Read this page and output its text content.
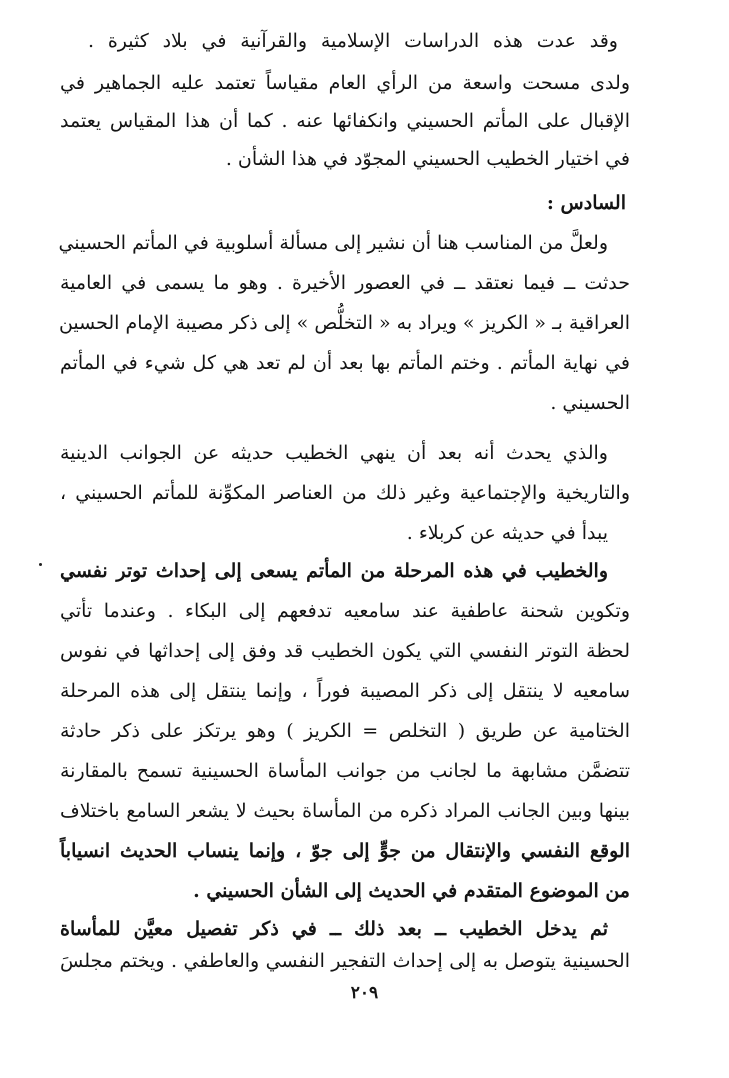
وقد عدت هذه الدراسات الإسلامية والقرآنية في بلاد كثيرة .
ولدى مسحت واسعة من الرأي العام مقياساً تعتمد عليه الجماهير في
الإقبال على المأتم الحسيني وانكفائها عنه . كما أن هذا المقياس يعتمد
في اختيار الخطيب الحسيني المجوّد في هذا الشأن .
السادس :
ولعلَّ من المناسب هنا أن نشير إلى مسألة أسلوبية في المأتم الحسيني
حدثت ــ فيما نعتقد ــ في العصور الأخيرة . وهو ما يسمى في العامية
العراقية بـ « الكريز » ويراد به « التخلُّص » إلى ذكر مصيبة الإمام الحسين
في نهاية المأتم . وختم المأتم بها بعد أن لم تعد هي كل شيء في المأتم
الحسيني .
والذي يحدث أنه بعد أن ينهي الخطيب حديثه عن الجوانب الدينية
والتاريخية والإجتماعية وغير ذلك من العناصر المكوِّنة للمأتم الحسيني ،
يبدأ في حديثه عن كربلاء .
والخطيب في هذه المرحلة من المأتم يسعى إلى إحداث توتر نفسي
وتكوين شحنة عاطفية عند سامعيه تدفعهم إلى البكاء . وعندما تأتي
لحظة التوتر النفسي التي يكون الخطيب قد وفق إلى إحداثها في نفوس
سامعيه لا ينتقل إلى ذكر المصيبة فوراً ، وإنما ينتقل إلى هذه المرحلة
الختامية عن طريق ( التخلص = الكريز ) وهو يرتكز على ذكر حادثة
تتضمَّن مشابهة ما لجانب من جوانب المأساة الحسينية تسمح بالمقارنة
بينها وبين الجانب المراد ذكره من المأساة بحيث لا يشعر السامع باختلاف
الوقع النفسي والإنتقال من جوٍّ إلى جوّ ، وإنما ينساب الحديث انسياباً
من الموضوع المتقدم في الحديث إلى الشأن الحسيني .
ثم يدخل الخطيب ــ بعد ذلك ــ في ذكر تفصيل معيَّن للمأساة
الحسينية يتوصل به إلى إحداث التفجير النفسي والعاطفي . ويختم مجلسَ
٢٠٩
